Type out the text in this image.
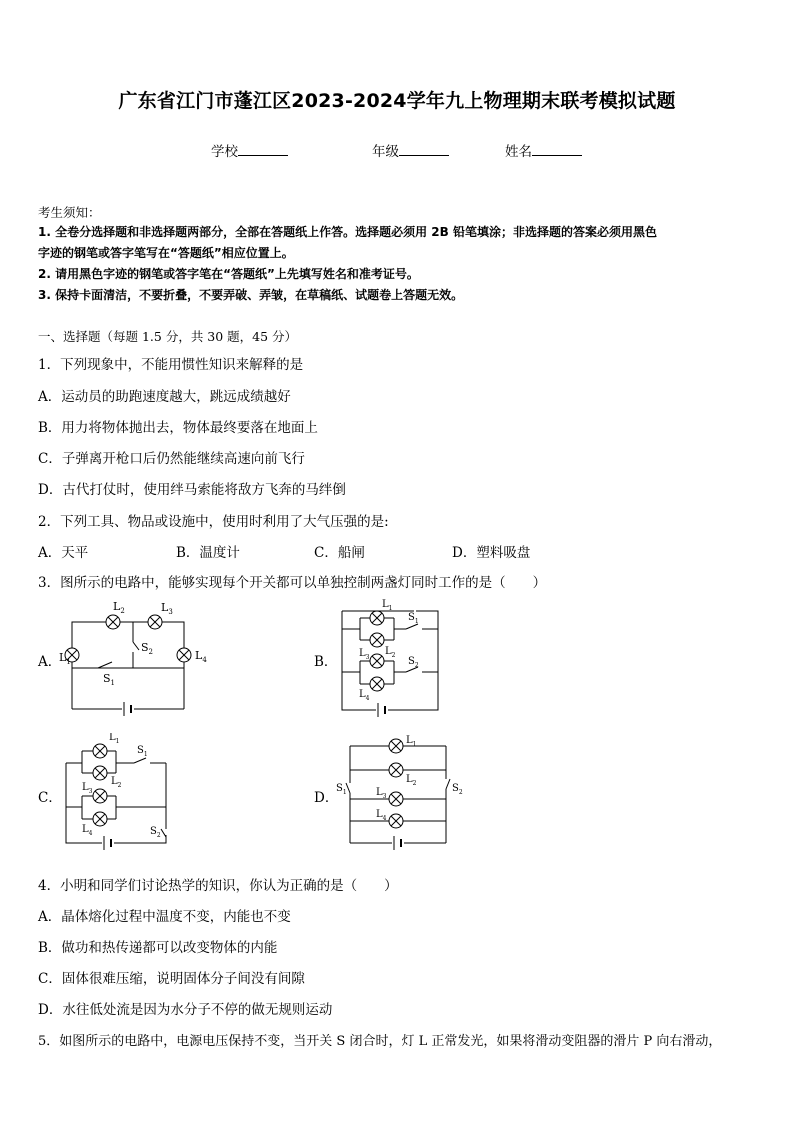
广东省江门市蓬江区2023-2024学年九上物理期末联考模拟试题
学校	年级	姓名
考生须知：
1. 全卷分选择题和非选择题两部分，全部在答题纸上作答。选择题必须用 2B 铅笔填涂；非选择题的答案必须用黑色
字迹的钢笔或答字笔写在“答题纸”相应位置上。
2. 请用黑色字迹的钢笔或答字笔在“答题纸”上先填写姓名和准考证号。
3. 保持卡面清洁，不要折叠，不要弄破、弄皱，在草稿纸、试题卷上答题无效。
一、选择题（每题 1.5 分，共 30 题，45 分）
1．下列现象中，不能用惯性知识来解释的是
A．运动员的助跑速度越大，跳远成绩越好
B．用力将物体抛出去，物体最终要落在地面上
C．子弹离开枪口后仍然能继续高速向前飞行
D．古代打仗时，使用绊马索能将敌方飞奔的马绊倒
2．下列工具、物品或设施中，使用时利用了大气压强的是:
A．天平	B．温度计	C．船闸	D．塑料吸盘
3．图所示的电路中，能够实现每个开关都可以单独控制两盏灯同时工作的是（　　）
A．	B．
C．	D．
$L_1$
$L_2$	$L_3$
$L_4$
$S_2$
$S_1$
$L_1$
$L_2$
$L_3$
$L_4$
$S_1$
$S_2$
$L_1$
$L_2$
$L_3$
$L_4$
$S_1$
$S_2$
$L_1$
$L_2$
$L_3$
$L_4$
$S_1$	$S_2$
4．小明和同学们讨论热学的知识，你认为正确的是（　　）
A．晶体熔化过程中温度不变，内能也不变
B．做功和热传递都可以改变物体的内能
C．固体很难压缩，说明固体分子间没有间隙
D．水往低处流是因为水分子不停的做无规则运动
5．如图所示的电路中，电源电压保持不变，当开关 S 闭合时，灯 L 正常发光，如果将滑动变阻器的滑片 P 向右滑动，
